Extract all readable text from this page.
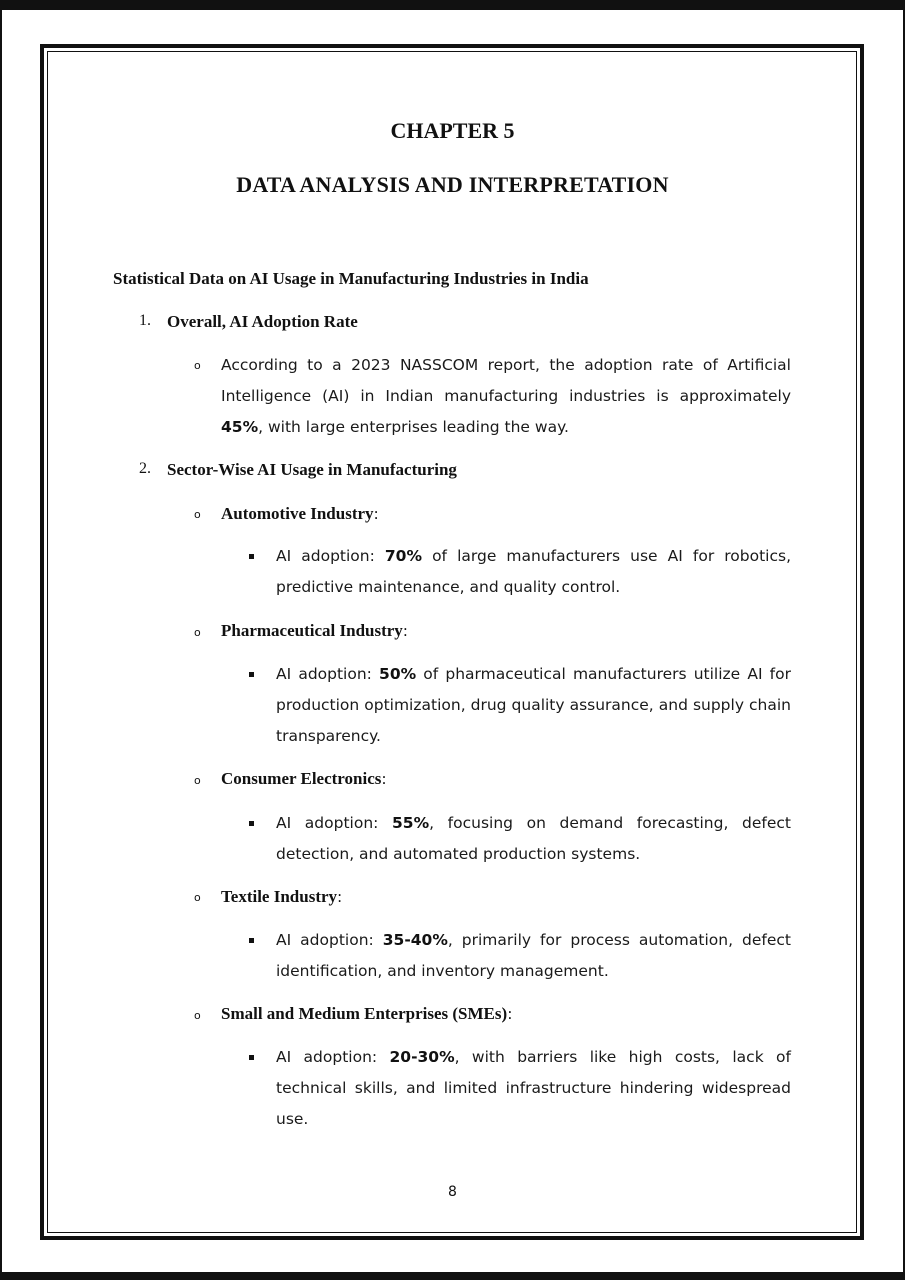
CHAPTER 5
DATA ANALYSIS AND INTERPRETATION
Statistical Data on AI Usage in Manufacturing Industries in India
1. Overall, AI Adoption Rate
o According to a 2023 NASSCOM report, the adoption rate of Artificial Intelligence (AI) in Indian manufacturing industries is approximately 45%, with large enterprises leading the way.
2. Sector-Wise AI Usage in Manufacturing
o Automotive Industry:
AI adoption: 70% of large manufacturers use AI for robotics, predictive maintenance, and quality control.
o Pharmaceutical Industry:
AI adoption: 50% of pharmaceutical manufacturers utilize AI for production optimization, drug quality assurance, and supply chain transparency.
o Consumer Electronics:
AI adoption: 55%, focusing on demand forecasting, defect detection, and automated production systems.
o Textile Industry:
AI adoption: 35-40%, primarily for process automation, defect identification, and inventory management.
o Small and Medium Enterprises (SMEs):
AI adoption: 20-30%, with barriers like high costs, lack of technical skills, and limited infrastructure hindering widespread use.
8
